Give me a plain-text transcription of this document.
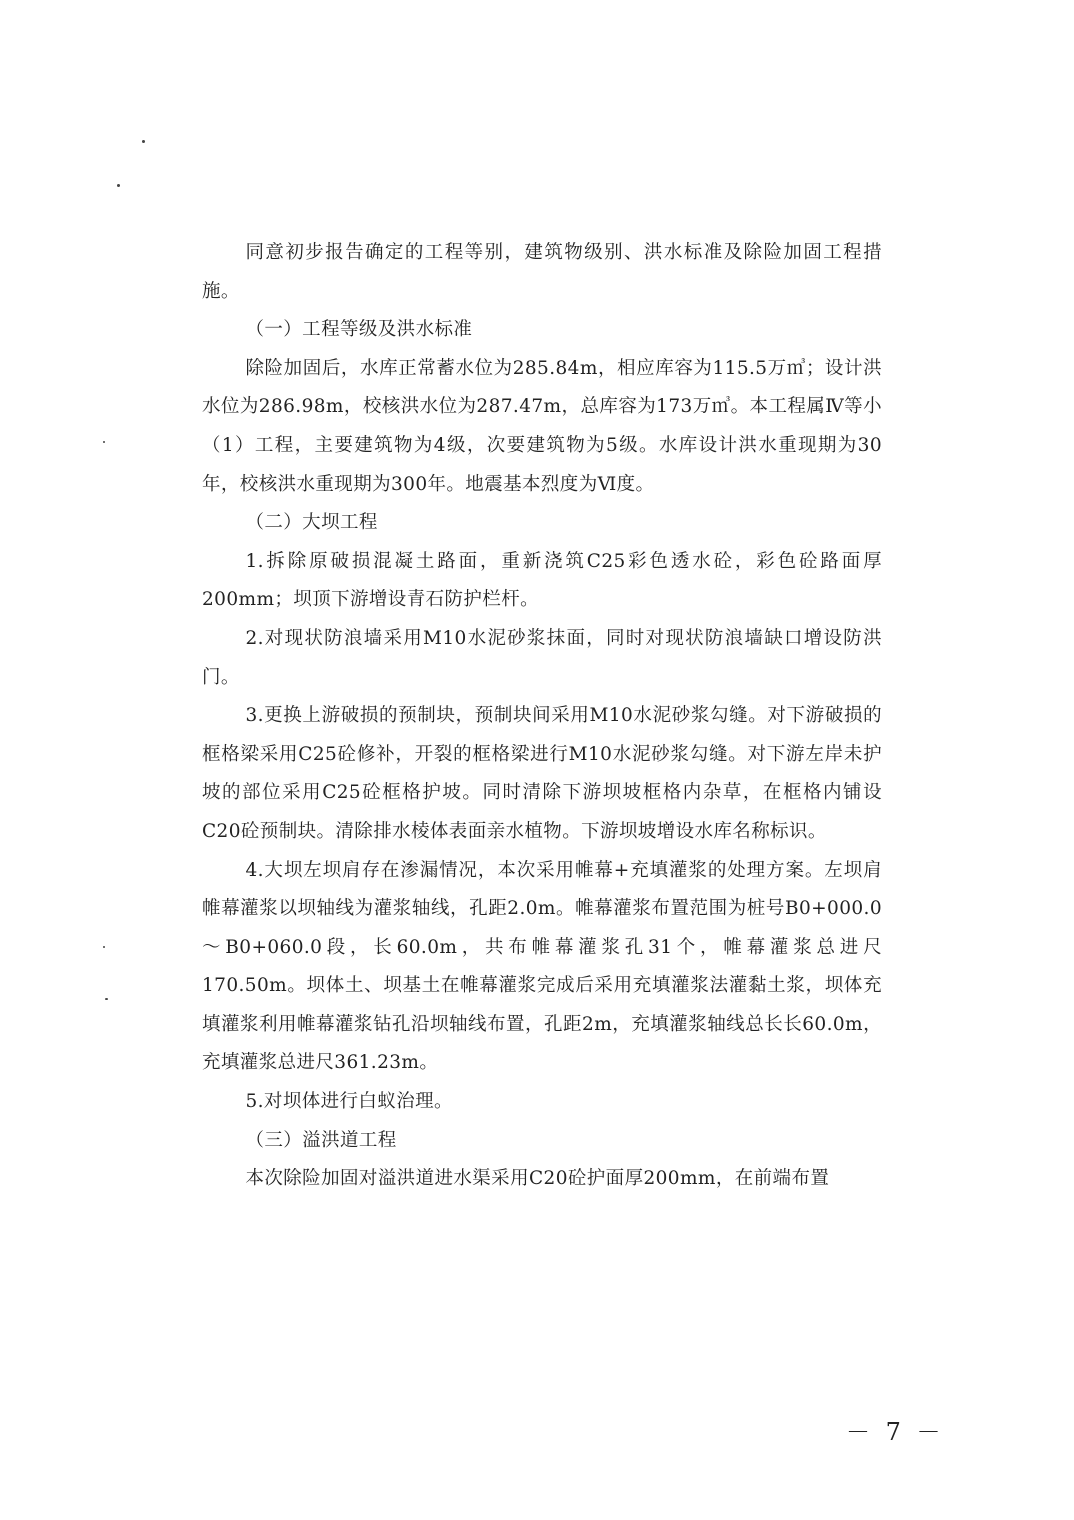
同意初步报告确定的工程等别，建筑物级别、洪水标准及除险加固工程措施。

（一）工程等级及洪水标准

除险加固后，水库正常蓄水位为285.84m，相应库容为115.5万㎥；设计洪水位为286.98m，校核洪水位为287.47m，总库容为173万㎥。本工程属Ⅳ等小（1）工程，主要建筑物为4级，次要建筑物为5级。水库设计洪水重现期为30年，校核洪水重现期为300年。地震基本烈度为Ⅵ度。

（二）大坝工程

1.拆除原破损混凝土路面，重新浇筑C25彩色透水砼，彩色砼路面厚200mm；坝顶下游增设青石防护栏杆。

2.对现状防浪墙采用M10水泥砂浆抹面，同时对现状防浪墙缺口增设防洪门。

3.更换上游破损的预制块，预制块间采用M10水泥砂浆勾缝。对下游破损的框格梁采用C25砼修补，开裂的框格梁进行M10水泥砂浆勾缝。对下游左岸未护坡的部位采用C25砼框格护坡。同时清除下游坝坡框格内杂草，在框格内铺设C20砼预制块。清除排水棱体表面亲水植物。下游坝坡增设水库名称标识。

4.大坝左坝肩存在渗漏情况，本次采用帷幕+充填灌浆的处理方案。左坝肩帷幕灌浆以坝轴线为灌浆轴线，孔距2.0m。帷幕灌浆布置范围为桩号B0+000.0～B0+060.0段，长60.0m，共布帷幕灌浆孔31个，帷幕灌浆总进尺170.50m。坝体土、坝基土在帷幕灌浆完成后采用充填灌浆法灌黏土浆，坝体充填灌浆利用帷幕灌浆钻孔沿坝轴线布置，孔距2m，充填灌浆轴线总长长60.0m，充填灌浆总进尺361.23m。

5.对坝体进行白蚁治理。

（三）溢洪道工程

本次除险加固对溢洪道进水渠采用C20砼护面厚200mm，在前端布置

－ 7 －
